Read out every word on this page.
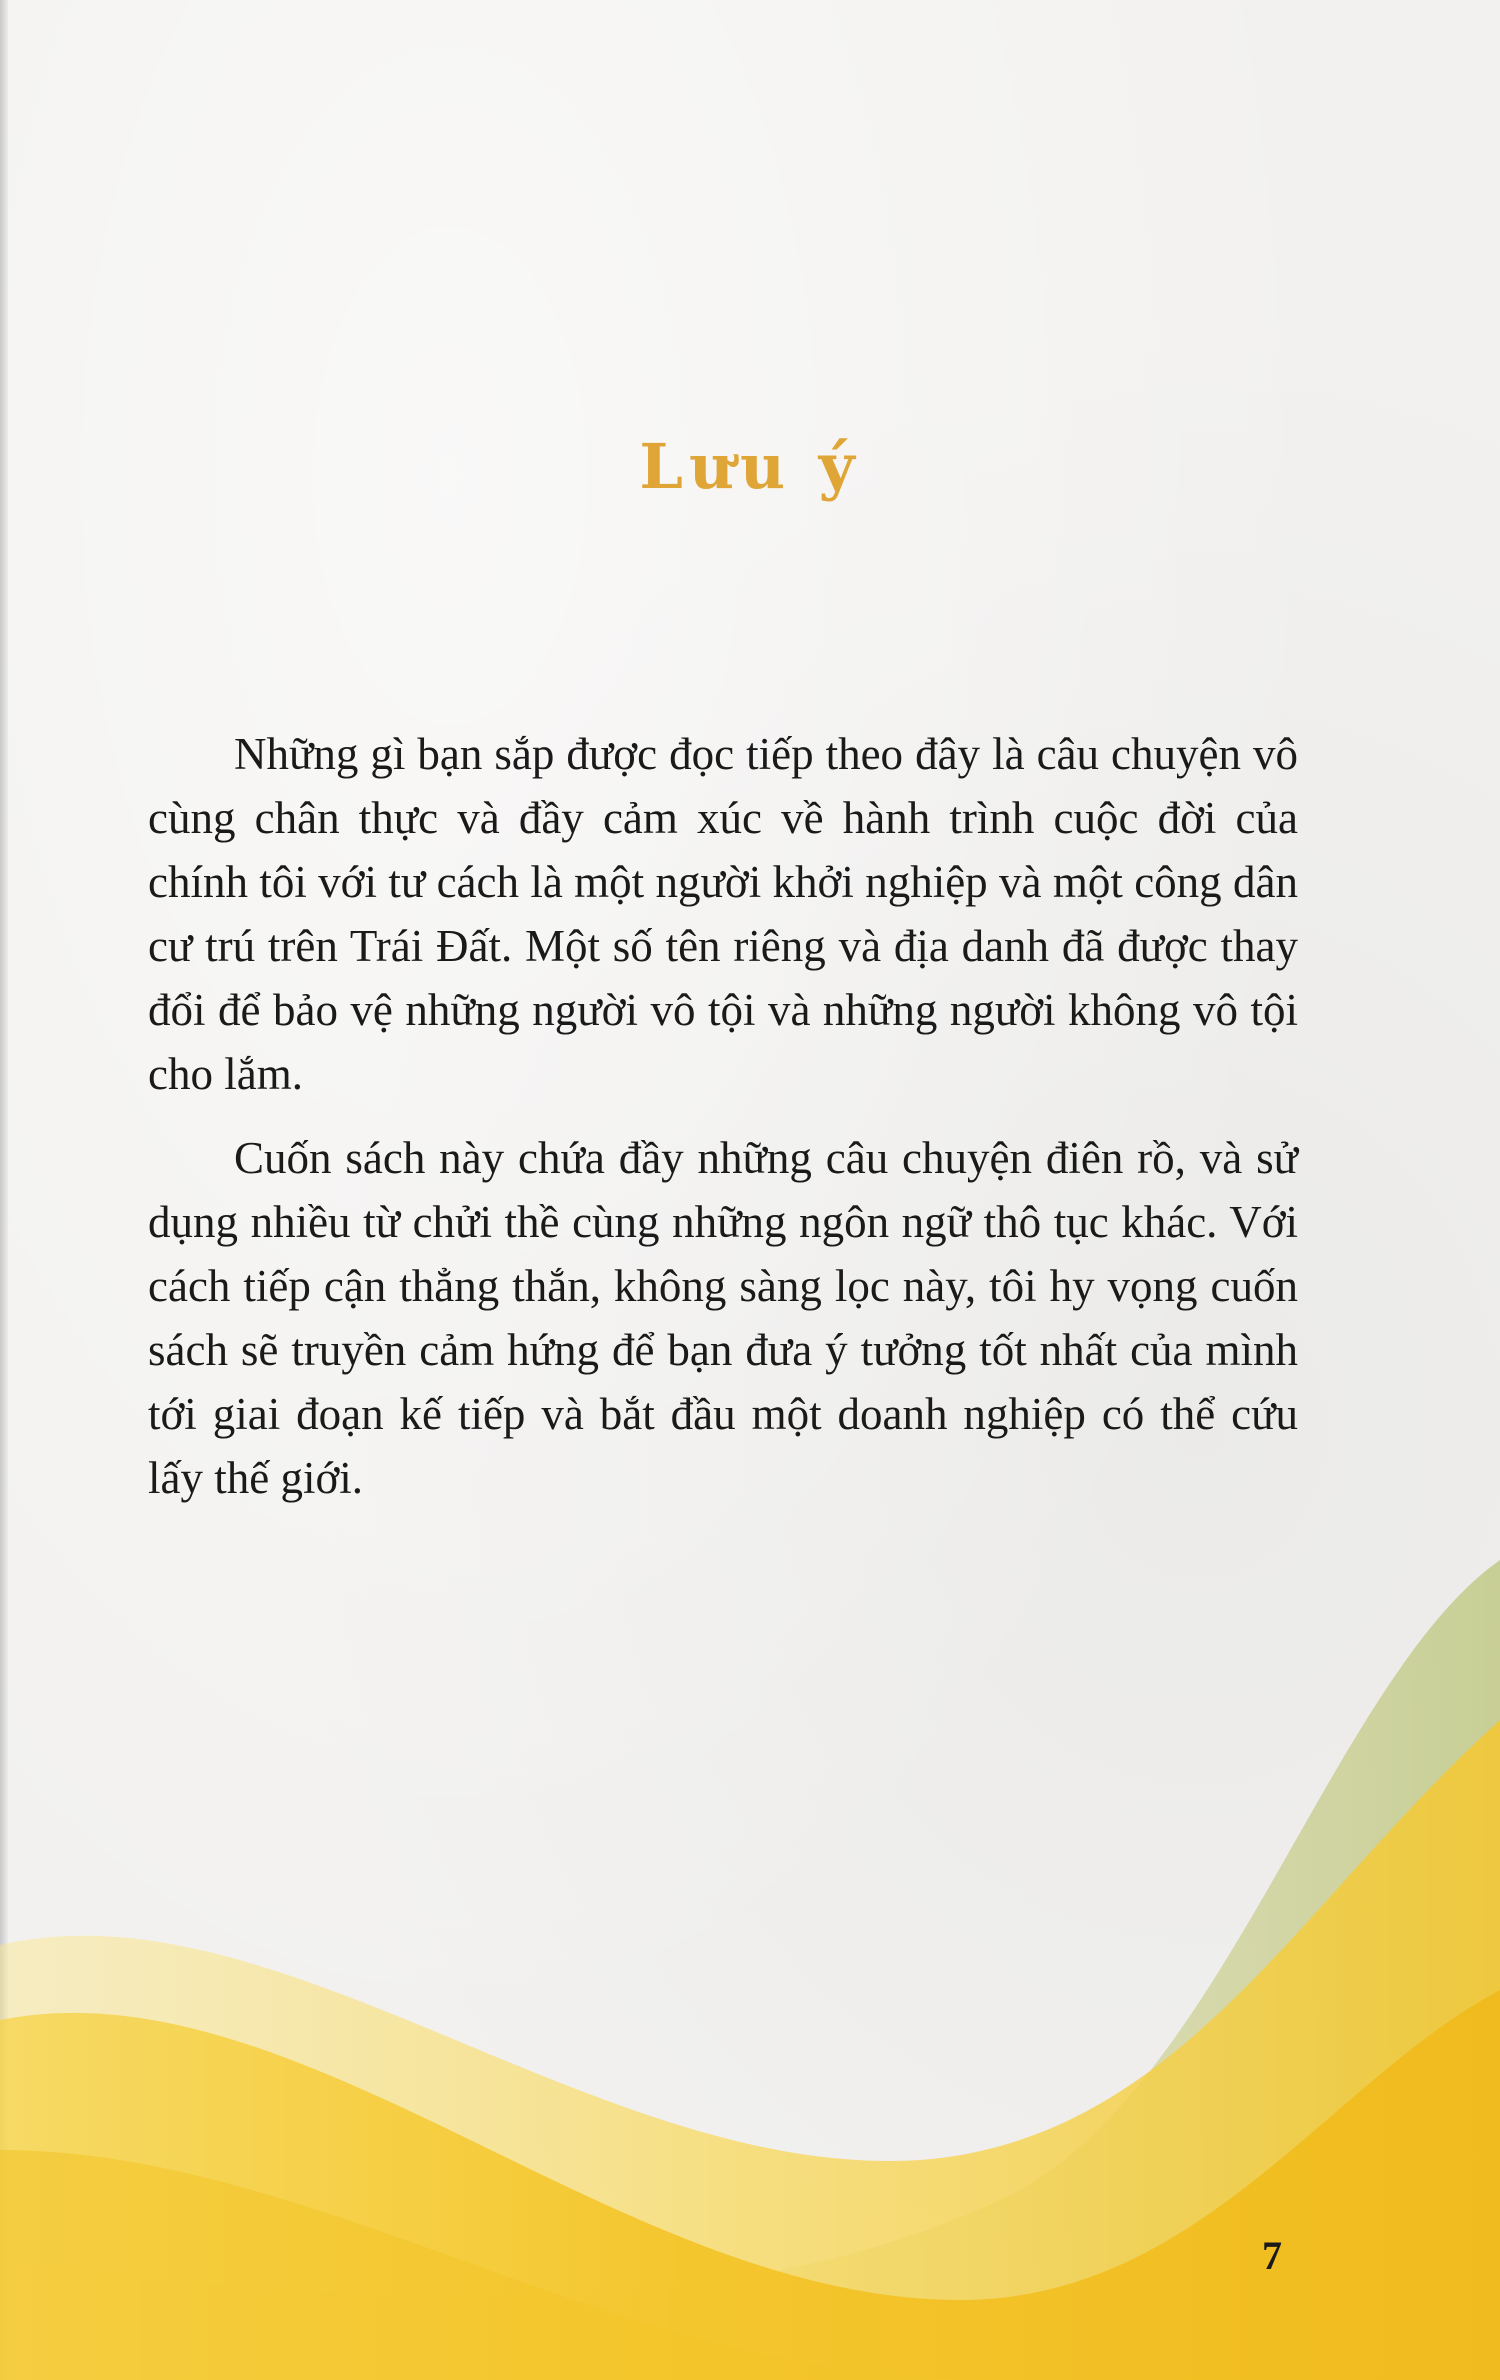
Lưu ý

Những gì bạn sắp được đọc tiếp theo đây là câu chuyện vô cùng chân thực và đầy cảm xúc về hành trình cuộc đời của chính tôi với tư cách là một người khởi nghiệp và một công dân cư trú trên Trái Đất. Một số tên riêng và địa danh đã được thay đổi để bảo vệ những người vô tội và những người không vô tội cho lắm.

Cuốn sách này chứa đầy những câu chuyện điên rồ, và sử dụng nhiều từ chửi thề cùng những ngôn ngữ thô tục khác. Với cách tiếp cận thẳng thắn, không sàng lọc này, tôi hy vọng cuốn sách sẽ truyền cảm hứng để bạn đưa ý tưởng tốt nhất của mình tới giai đoạn kế tiếp và bắt đầu một doanh nghiệp có thể cứu lấy thế giới.

7
